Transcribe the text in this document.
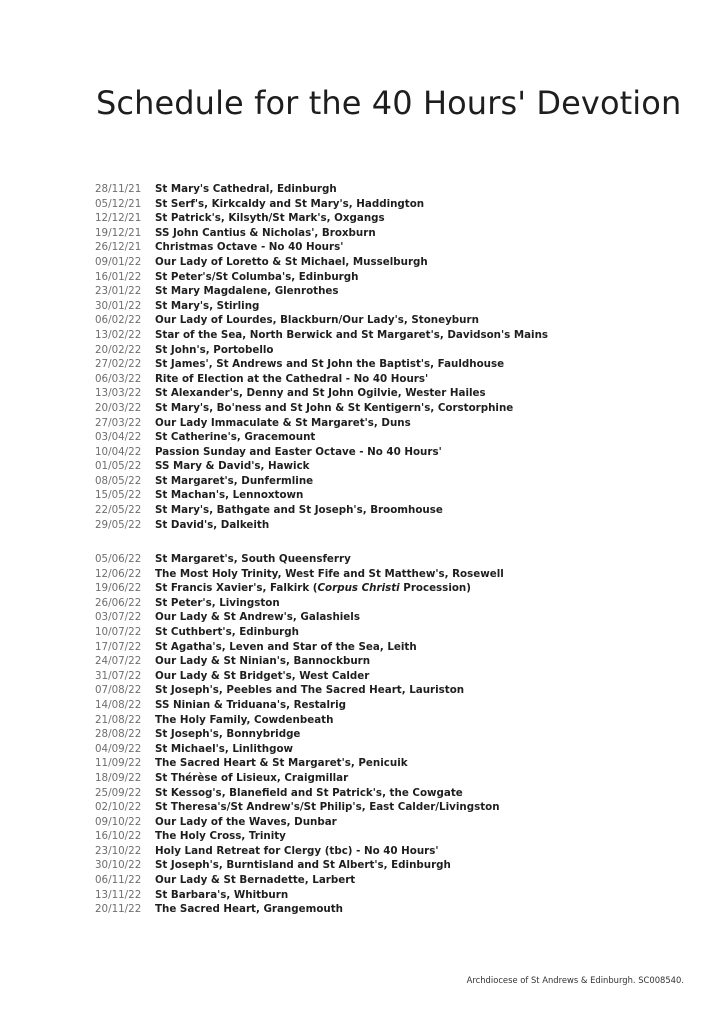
Schedule for the 40 Hours' Devotion
28/11/21	St Mary's Cathedral, Edinburgh
05/12/21	St Serf's, Kirkcaldy and St Mary's, Haddington
12/12/21	St Patrick's, Kilsyth/St Mark's, Oxgangs
19/12/21	SS John Cantius & Nicholas', Broxburn
26/12/21	Christmas Octave - No 40 Hours'
09/01/22	Our Lady of Loretto & St Michael, Musselburgh
16/01/22	St Peter's/St Columba's, Edinburgh
23/01/22	St Mary Magdalene, Glenrothes
30/01/22	St Mary's, Stirling
06/02/22	Our Lady of Lourdes, Blackburn/Our Lady's, Stoneyburn
13/02/22	Star of the Sea, North Berwick and St Margaret's, Davidson's Mains
20/02/22	St John's, Portobello
27/02/22	St James', St Andrews and St John the Baptist's, Fauldhouse
06/03/22	Rite of Election at the Cathedral - No 40 Hours'
13/03/22	St Alexander's, Denny and St John Ogilvie, Wester Hailes
20/03/22	St Mary's, Bo'ness and St John & St Kentigern's, Corstorphine
27/03/22	Our Lady Immaculate & St Margaret's, Duns
03/04/22	St Catherine's, Gracemount
10/04/22	Passion Sunday and Easter Octave - No 40 Hours'
01/05/22	SS Mary & David's, Hawick
08/05/22	St Margaret's, Dunfermline
15/05/22	St Machan's, Lennoxtown
22/05/22	St Mary's, Bathgate and St Joseph's, Broomhouse
29/05/22	St David's, Dalkeith
05/06/22	St Margaret's, South Queensferry
12/06/22	The Most Holy Trinity, West Fife and St Matthew's, Rosewell
19/06/22	St Francis Xavier's, Falkirk (Corpus Christi Procession)
26/06/22	St Peter's, Livingston
03/07/22	Our Lady & St Andrew's, Galashiels
10/07/22	St Cuthbert's, Edinburgh
17/07/22	St Agatha's, Leven and Star of the Sea, Leith
24/07/22	Our Lady & St Ninian's, Bannockburn
31/07/22	Our Lady & St Bridget's, West Calder
07/08/22	St Joseph's, Peebles and The Sacred Heart, Lauriston
14/08/22	SS Ninian & Triduana's, Restalrig
21/08/22	The Holy Family, Cowdenbeath
28/08/22	St Joseph's, Bonnybridge
04/09/22	St Michael's, Linlithgow
11/09/22	The Sacred Heart & St Margaret's, Penicuik
18/09/22	St Thérèse of Lisieux, Craigmillar
25/09/22	St Kessog's, Blanefield and St Patrick's, the Cowgate
02/10/22	St Theresa's/St Andrew's/St Philip's, East Calder/Livingston
09/10/22	Our Lady of the Waves, Dunbar
16/10/22	The Holy Cross, Trinity
23/10/22	Holy Land Retreat for Clergy (tbc) - No 40 Hours'
30/10/22	St Joseph's, Burntisland and St Albert's, Edinburgh
06/11/22	Our Lady & St Bernadette, Larbert
13/11/22	St Barbara's, Whitburn
20/11/22	The Sacred Heart, Grangemouth
Archdiocese of St Andrews & Edinburgh. SC008540.
